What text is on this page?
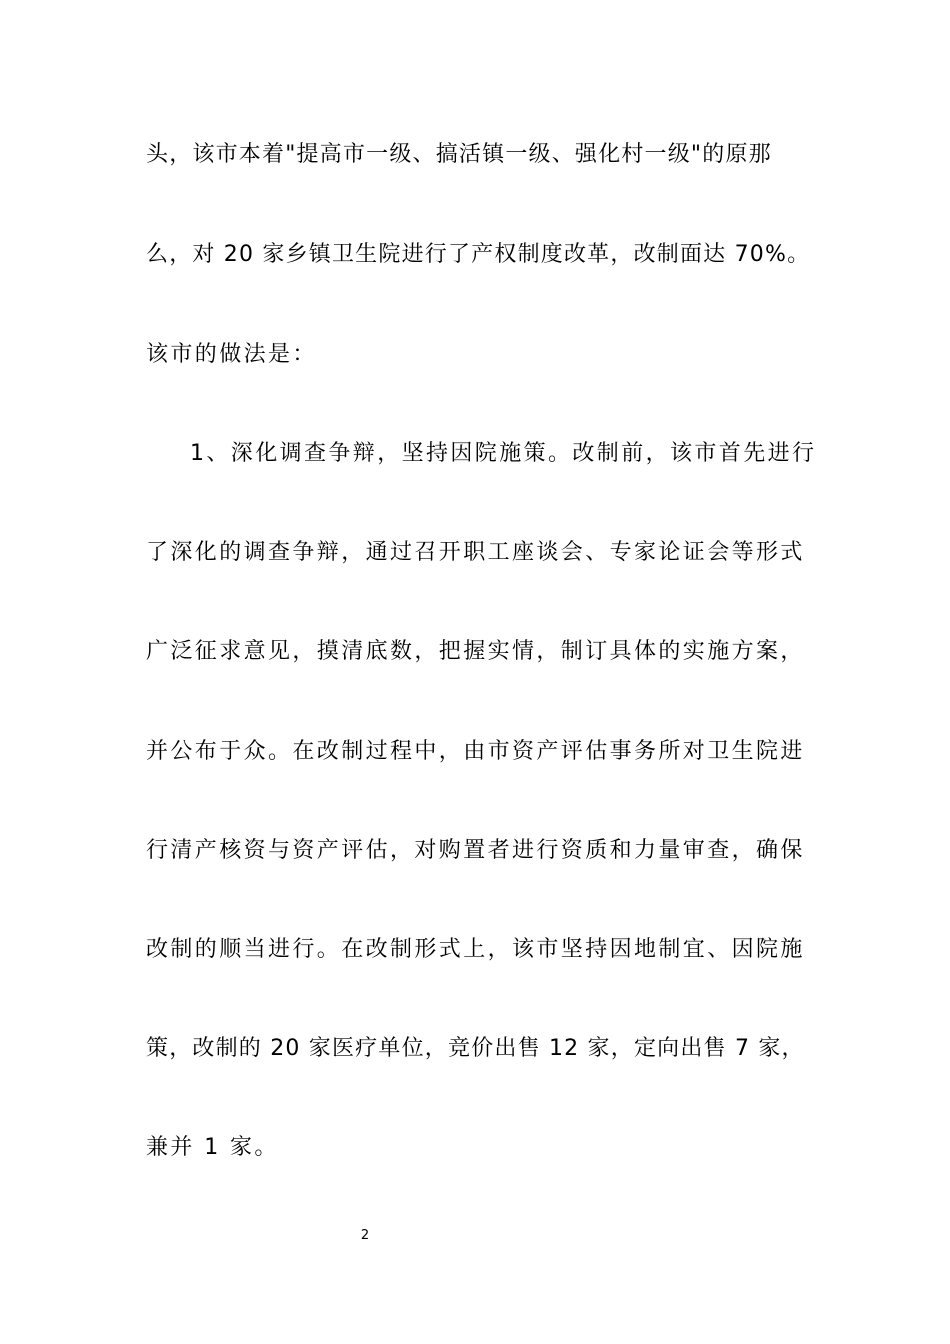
头，该市本着"提高市一级、搞活镇一级、强化村一级"的原那
么，对 20 家乡镇卫生院进行了产权制度改革，改制面达 70%。
该市的做法是：
1、深化调查争辩，坚持因院施策。改制前，该市首先进行
了深化的调查争辩，通过召开职工座谈会、专家论证会等形式
广泛征求意见，摸清底数，把握实情，制订具体的实施方案，
并公布于众。在改制过程中，由市资产评估事务所对卫生院进
行清产核资与资产评估，对购置者进行资质和力量审查，确保
改制的顺当进行。在改制形式上，该市坚持因地制宜、因院施
策，改制的 20 家医疗单位，竞价出售 12 家，定向出售 7 家，
兼并 1 家。
2
